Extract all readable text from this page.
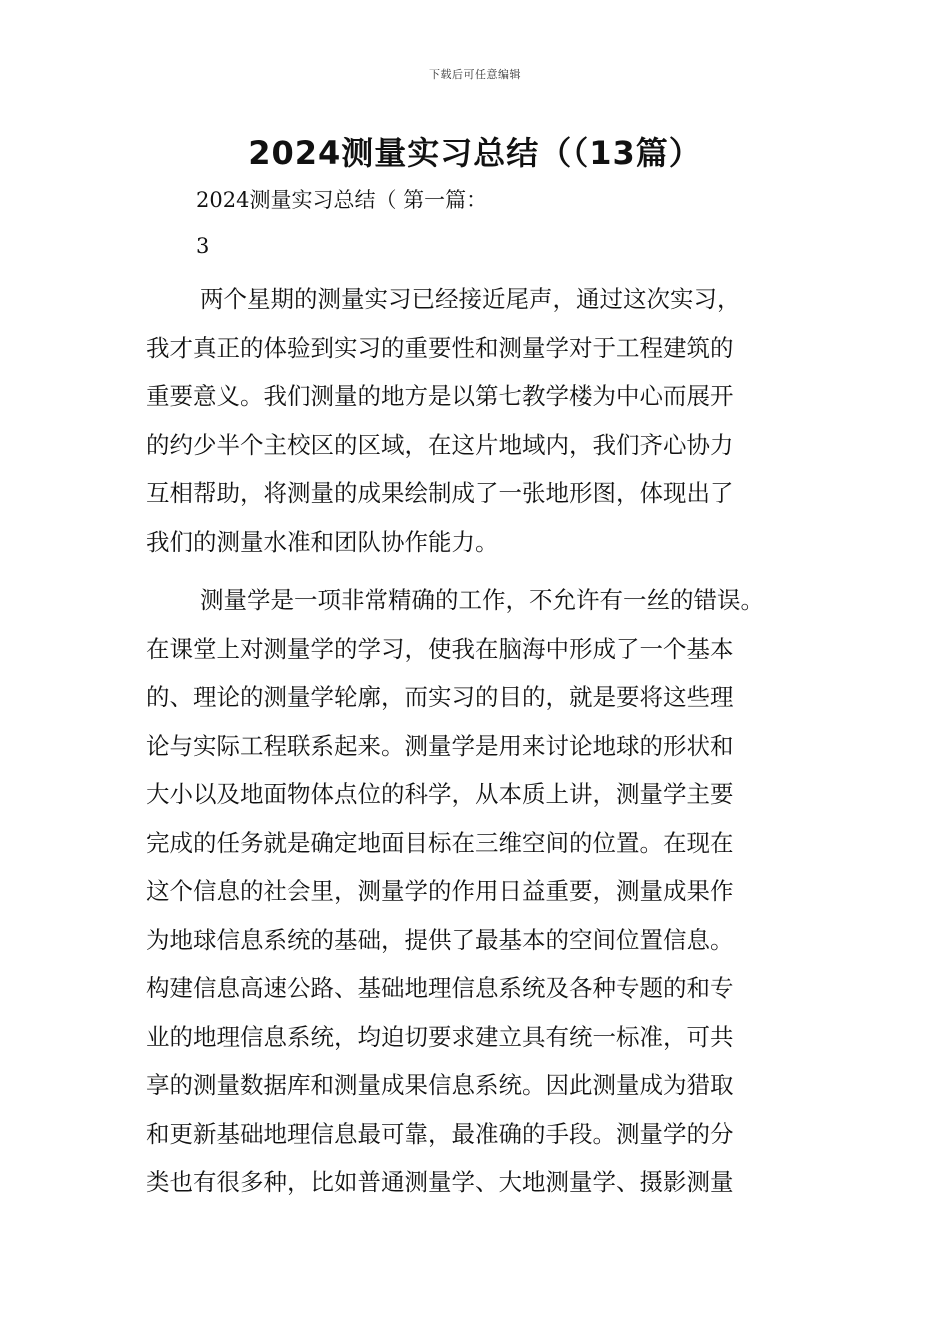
下载后可任意编辑
2024测量实习总结（（13篇）

2024测量实习总结（ 第一篇：

3

两个星期的测量实习已经接近尾声，通过这次实习，
我才真正的体验到实习的重要性和测量学对于工程建筑的
重要意义。我们测量的地方是以第七教学楼为中心而展开
的约少半个主校区的区域，在这片地域内，我们齐心协力
互相帮助，将测量的成果绘制成了一张地形图，体现出了
我们的测量水准和团队协作能力。

测量学是一项非常精确的工作，不允许有一丝的错误。
在课堂上对测量学的学习，使我在脑海中形成了一个基本
的、理论的测量学轮廓，而实习的目的，就是要将这些理
论与实际工程联系起来。测量学是用来讨论地球的形状和
大小以及地面物体点位的科学，从本质上讲，测量学主要
完成的任务就是确定地面目标在三维空间的位置。在现在
这个信息的社会里，测量学的作用日益重要，测量成果作
为地球信息系统的基础，提供了最基本的空间位置信息。
构建信息高速公路、基础地理信息系统及各种专题的和专
业的地理信息系统，均迫切要求建立具有统一标准，可共
享的测量数据库和测量成果信息系统。因此测量成为猎取
和更新基础地理信息最可靠，最准确的手段。测量学的分
类也有很多种，比如普通测量学、大地测量学、摄影测量
